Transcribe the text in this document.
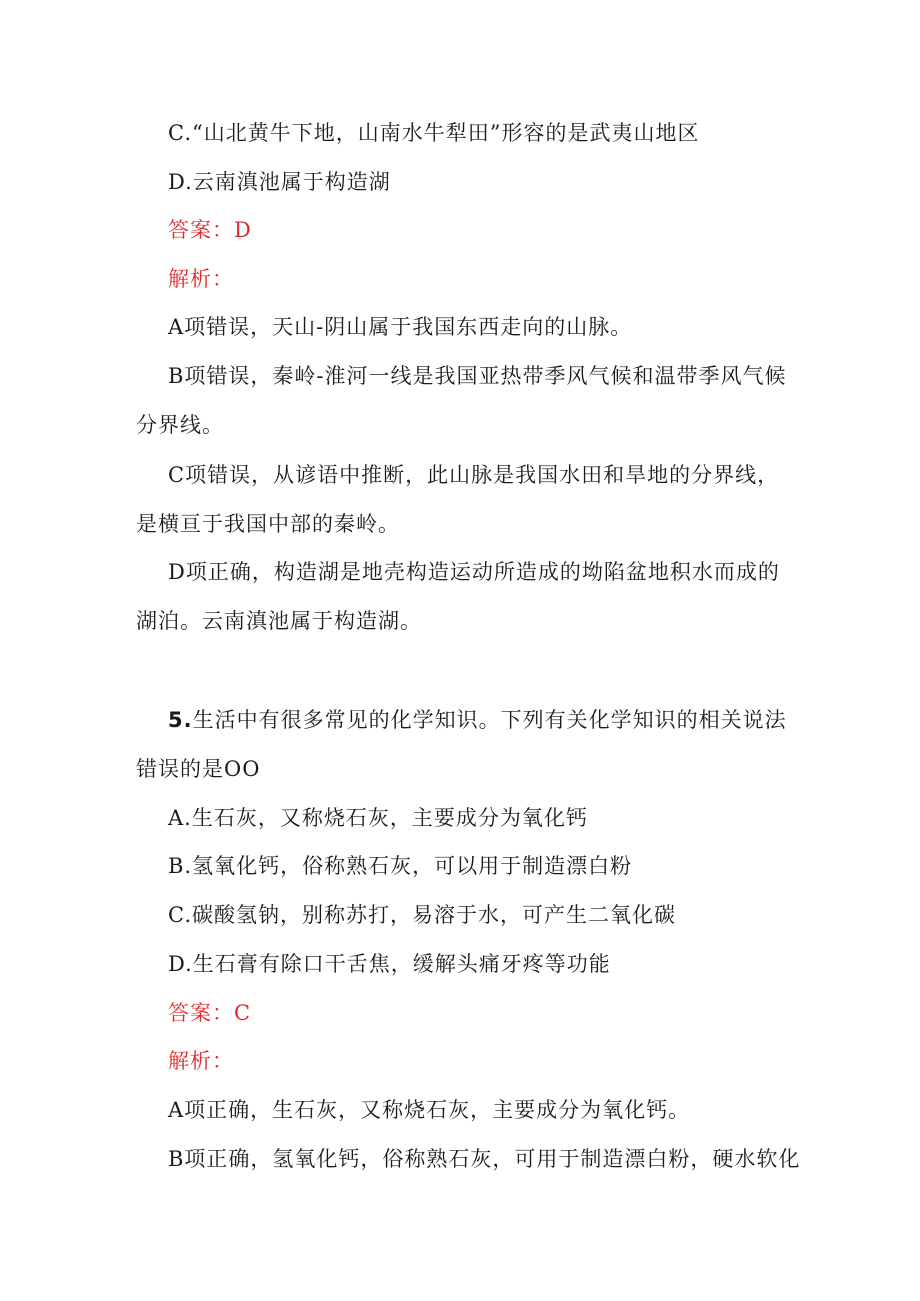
C.“山北黄牛下地，山南水牛犁田”形容的是武夷山地区
D.云南滇池属于构造湖
答案：D
解析：
A项错误，天山-阴山属于我国东西走向的山脉。
B项错误，秦岭-淮河一线是我国亚热带季风气候和温带季风气候
分界线。
C项错误，从谚语中推断，此山脉是我国水田和旱地的分界线，
是横亘于我国中部的秦岭。
D项正确，构造湖是地壳构造运动所造成的坳陷盆地积水而成的
湖泊。云南滇池属于构造湖。
5.生活中有很多常见的化学知识。下列有关化学知识的相关说法
错误的是OO
A.生石灰，又称烧石灰，主要成分为氧化钙
B.氢氧化钙，俗称熟石灰，可以用于制造漂白粉
C.碳酸氢钠，别称苏打，易溶于水，可产生二氧化碳
D.生石膏有除口干舌焦，缓解头痛牙疼等功能
答案：C
解析：
A项正确，生石灰，又称烧石灰，主要成分为氧化钙。
B项正确，氢氧化钙，俗称熟石灰，可用于制造漂白粉，硬水软化
